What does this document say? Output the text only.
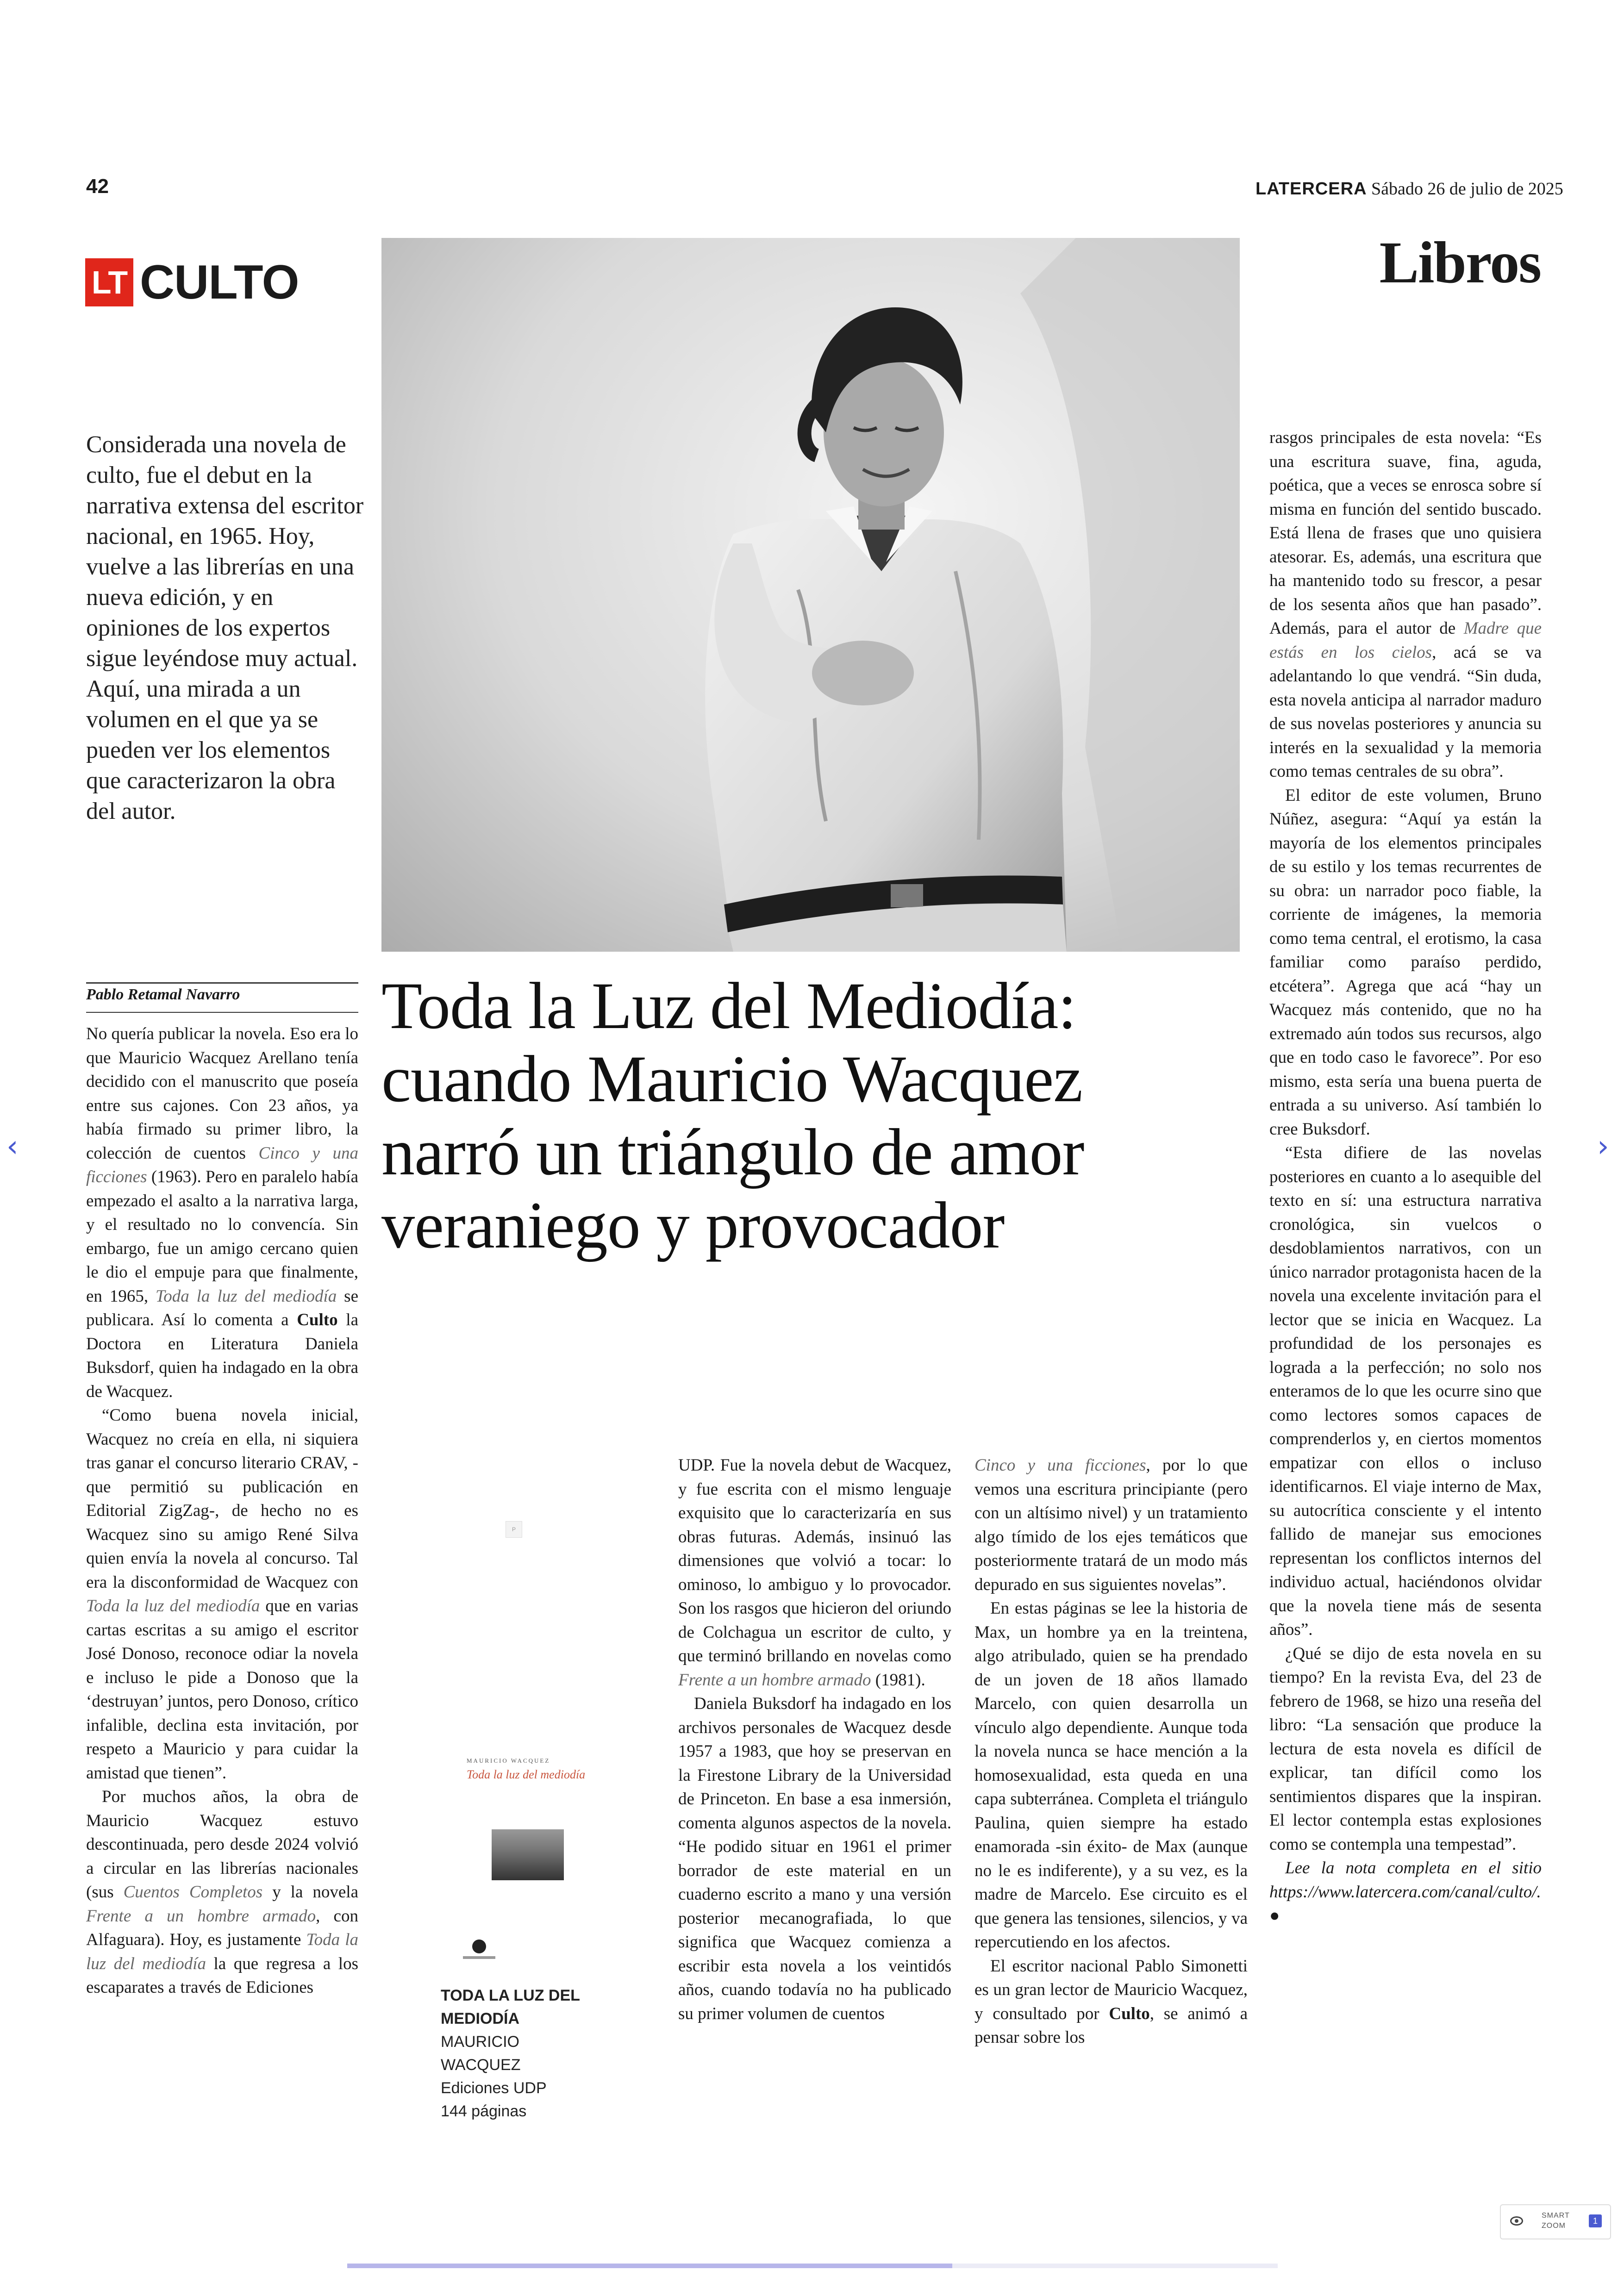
42	LATERCERA Sábado 26 de julio de 2025
LT CULTO	Libros
Considerada una novela de culto, fue el debut en la narrativa extensa del escritor nacional, en 1965. Hoy, vuelve a las librerías en una nueva edición, y en opiniones de los expertos sigue leyéndose muy actual. Aquí, una mirada a un volumen en el que ya se pueden ver los elementos que caracterizaron la obra del autor.
Pablo Retamal Navarro	Toda la Luz del Mediodía: cuando Mauricio Wacquez narró un triángulo de amor veraniego y provocador

No quería publicar la novela. Eso era lo que Mauricio Wacquez Arellano tenía decidido con el manuscrito que poseía entre sus cajones. Con 23 años, ya había firmado su primer libro, la colección de cuentos Cinco y una ficciones (1963). Pero en paralelo había empezado el asalto a la narrativa larga, y el resultado no lo convencía. Sin embargo, fue un amigo cercano quien le dio el empuje para que finalmente, en 1965, Toda la luz del mediodía se publicara. Así lo comenta a Culto la Doctora en Literatura Daniela Buksdorf, quien ha indagado en la obra de Wacquez.

“Como buena novela inicial, Wacquez no creía en ella, ni siquiera tras ganar el concurso literario CRAV, -que permitió su publicación en Editorial ZigZag-, de hecho no es Wacquez sino su amigo René Silva quien envía la novela al concurso. Tal era la disconformidad de Wacquez con Toda la luz del mediodía que en varias cartas escritas a su amigo el escritor José Donoso, reconoce odiar la novela e incluso le pide a Donoso que la ‘destruyan’ juntos, pero Donoso, crítico infalible, declina esta invitación, por respeto a Mauricio y para cuidar la amistad que tienen”.

Por muchos años, la obra de Mauricio Wacquez estuvo descontinuada, pero desde 2024 volvió a circular en las librerías nacionales (sus Cuentos Completos y la novela Frente a un hombre armado, con Alfaguara). Hoy, es justamente Toda la luz del mediodía la que regresa a los escaparates a través de Ediciones

P
MAURICIO WACQUEZ
Toda la luz del mediodía
TODA LA LUZ DEL MEDIODÍA
MAURICIO WACQUEZ
Ediciones UDP
144 páginas

UDP. Fue la novela debut de Wacquez, y fue escrita con el mismo lenguaje exquisito que lo caracterizaría en sus obras futuras. Además, insinuó las dimensiones que volvió a tocar: lo ominoso, lo ambiguo y lo provocador. Son los rasgos que hicieron del oriundo de Colchagua un escritor de culto, y que terminó brillando en novelas como Frente a un hombre armado (1981).

Daniela Buksdorf ha indagado en los archivos personales de Wacquez desde 1957 a 1983, que hoy se preservan en la Firestone Library de la Universidad de Princeton. En base a esa inmersión, comenta algunos aspectos de la novela. “He podido situar en 1961 el primer borrador de este material en un cuaderno escrito a mano y una versión posterior mecanografiada, lo que significa que Wacquez comienza a escribir esta novela a los veintidós años, cuando todavía no ha publicado su primer volumen de cuentos

Cinco y una ficciones, por lo que vemos una escritura principiante (pero con un altísimo nivel) y un tratamiento algo tímido de los ejes temáticos que posteriormente tratará de un modo más depurado en sus siguientes novelas”.

En estas páginas se lee la historia de Max, un hombre ya en la treintena, algo atribulado, quien se ha prendado de un joven de 18 años llamado Marcelo, con quien desarrolla un vínculo algo dependiente. Aunque toda la novela nunca se hace mención a la homosexualidad, esta queda en una capa subterránea. Completa el triángulo Paulina, quien siempre ha estado enamorada -sin éxito- de Max (aunque no le es indiferente), y a su vez, es la madre de Marcelo. Ese circuito es el que genera las tensiones, silencios, y va repercutiendo en los afectos.

El escritor nacional Pablo Simonetti es un gran lector de Mauricio Wacquez, y consultado por Culto, se animó a pensar sobre los

rasgos principales de esta novela: “Es una escritura suave, fina, aguda, poética, que a veces se enrosca sobre sí misma en función del sentido buscado. Está llena de frases que uno quisiera atesorar. Es, además, una escritura que ha mantenido todo su frescor, a pesar de los sesenta años que han pasado”. Además, para el autor de Madre que estás en los cielos, acá se va adelantando lo que vendrá. “Sin duda, esta novela anticipa al narrador maduro de sus novelas posteriores y anuncia su interés en la sexualidad y la memoria como temas centrales de su obra”.

El editor de este volumen, Bruno Núñez, asegura: “Aquí ya están la mayoría de los elementos principales de su estilo y los temas recurrentes de su obra: un narrador poco fiable, la corriente de imágenes, la memoria como tema central, el erotismo, la casa familiar como paraíso perdido, etcétera”. Agrega que acá “hay un Wacquez más contenido, que no ha extremado aún todos sus recursos, algo que en todo caso le favorece”. Por eso mismo, esta sería una buena puerta de entrada a su universo. Así también lo cree Buksdorf.

“Esta difiere de las novelas posteriores en cuanto a lo asequible del texto en sí: una estructura narrativa cronológica, sin vuelcos o desdoblamientos narrativos, con un único narrador protagonista hacen de la novela una excelente invitación para el lector que se inicia en Wacquez. La profundidad de los personajes es lograda a la perfección; no solo nos enteramos de lo que les ocurre sino que como lectores somos capaces de comprenderlos y, en ciertos momentos empatizar con ellos o incluso identificarnos. El viaje interno de Max, su autocrítica consciente y el intento fallido de manejar sus emociones representan los conflictos internos del individuo actual, haciéndonos olvidar que la novela tiene más de sesenta años”.

¿Qué se dijo de esta novela en su tiempo? En la revista Eva, del 23 de febrero de 1968, se hizo una reseña del libro: “La sensación que produce la lectura de esta novela es difícil de explicar, tan difícil como los sentimientos dispares que la inspiran. El lector contempla estas explosiones como se contempla una tempestad”.

Lee la nota completa en el sitio https://www.latercera.com/canal/culto/. ●

‹	›
SMART
ZOOM
1
